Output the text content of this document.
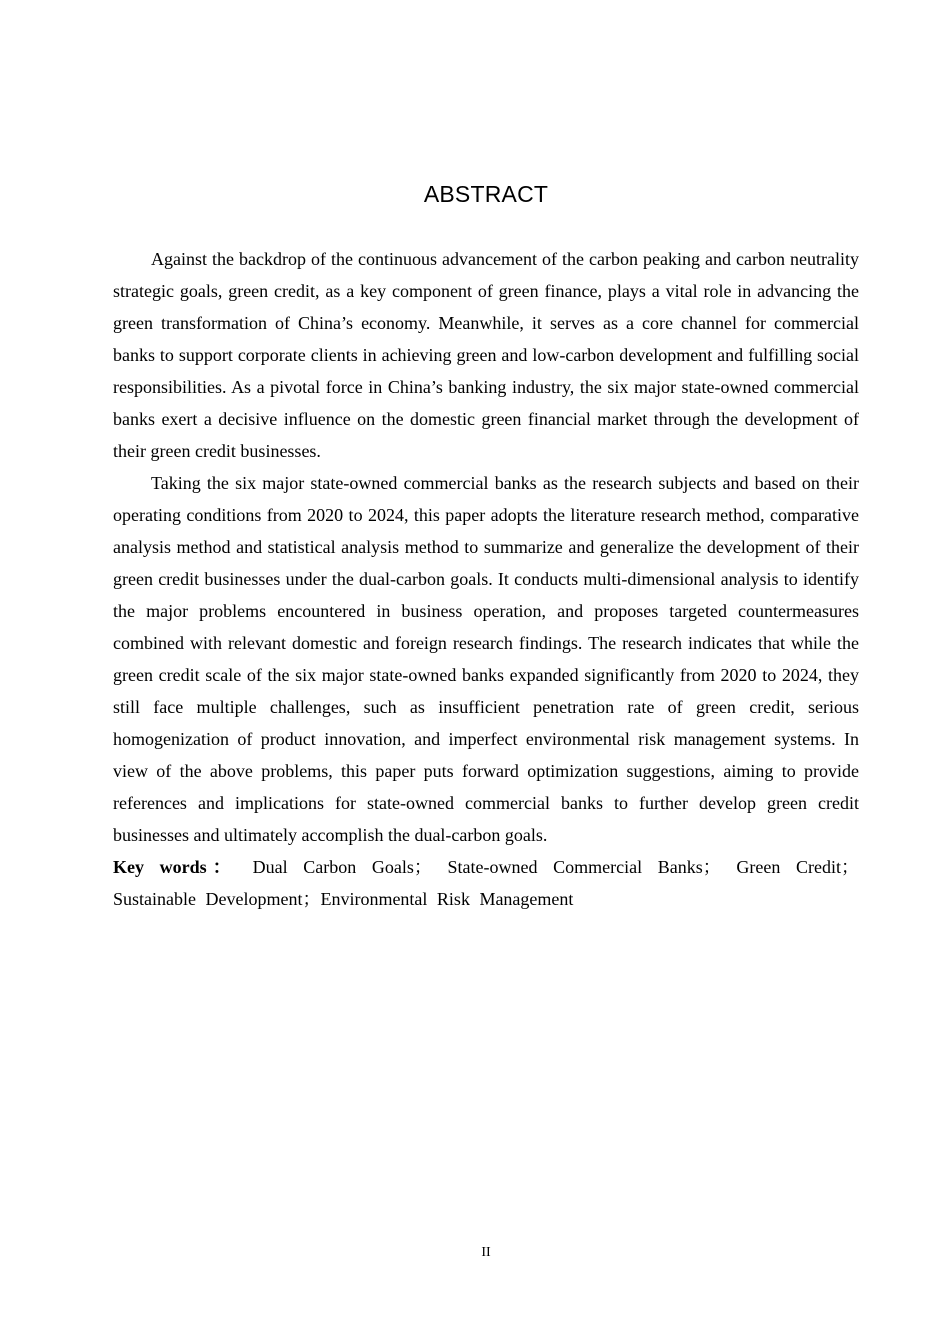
ABSTRACT

Against the backdrop of the continuous advancement of the carbon peaking and carbon neutrality strategic goals, green credit, as a key component of green finance, plays a vital role in advancing the green transformation of China’s economy. Meanwhile, it serves as a core channel for commercial banks to support corporate clients in achieving green and low-carbon development and fulfilling social responsibilities. As a pivotal force in China’s banking industry, the six major state-owned commercial banks exert a decisive influence on the domestic green financial market through the development of their green credit businesses.

Taking the six major state-owned commercial banks as the research subjects and based on their operating conditions from 2020 to 2024, this paper adopts the literature research method, comparative analysis method and statistical analysis method to summarize and generalize the development of their green credit businesses under the dual-carbon goals. It conducts multi-dimensional analysis to identify the major problems encountered in business operation, and proposes targeted countermeasures combined with relevant domestic and foreign research findings. The research indicates that while the green credit scale of the six major state-owned banks expanded significantly from 2020 to 2024, they still face multiple challenges, such as insufficient penetration rate of green credit, serious homogenization of product innovation, and imperfect environmental risk management systems. In view of the above problems, this paper puts forward optimization suggestions, aiming to provide references and implications for state-owned commercial banks to further develop green credit businesses and ultimately accomplish the dual-carbon goals.

Key words： Dual Carbon Goals； State-owned Commercial Banks； Green Credit； Sustainable Development；Environmental Risk Management

II
